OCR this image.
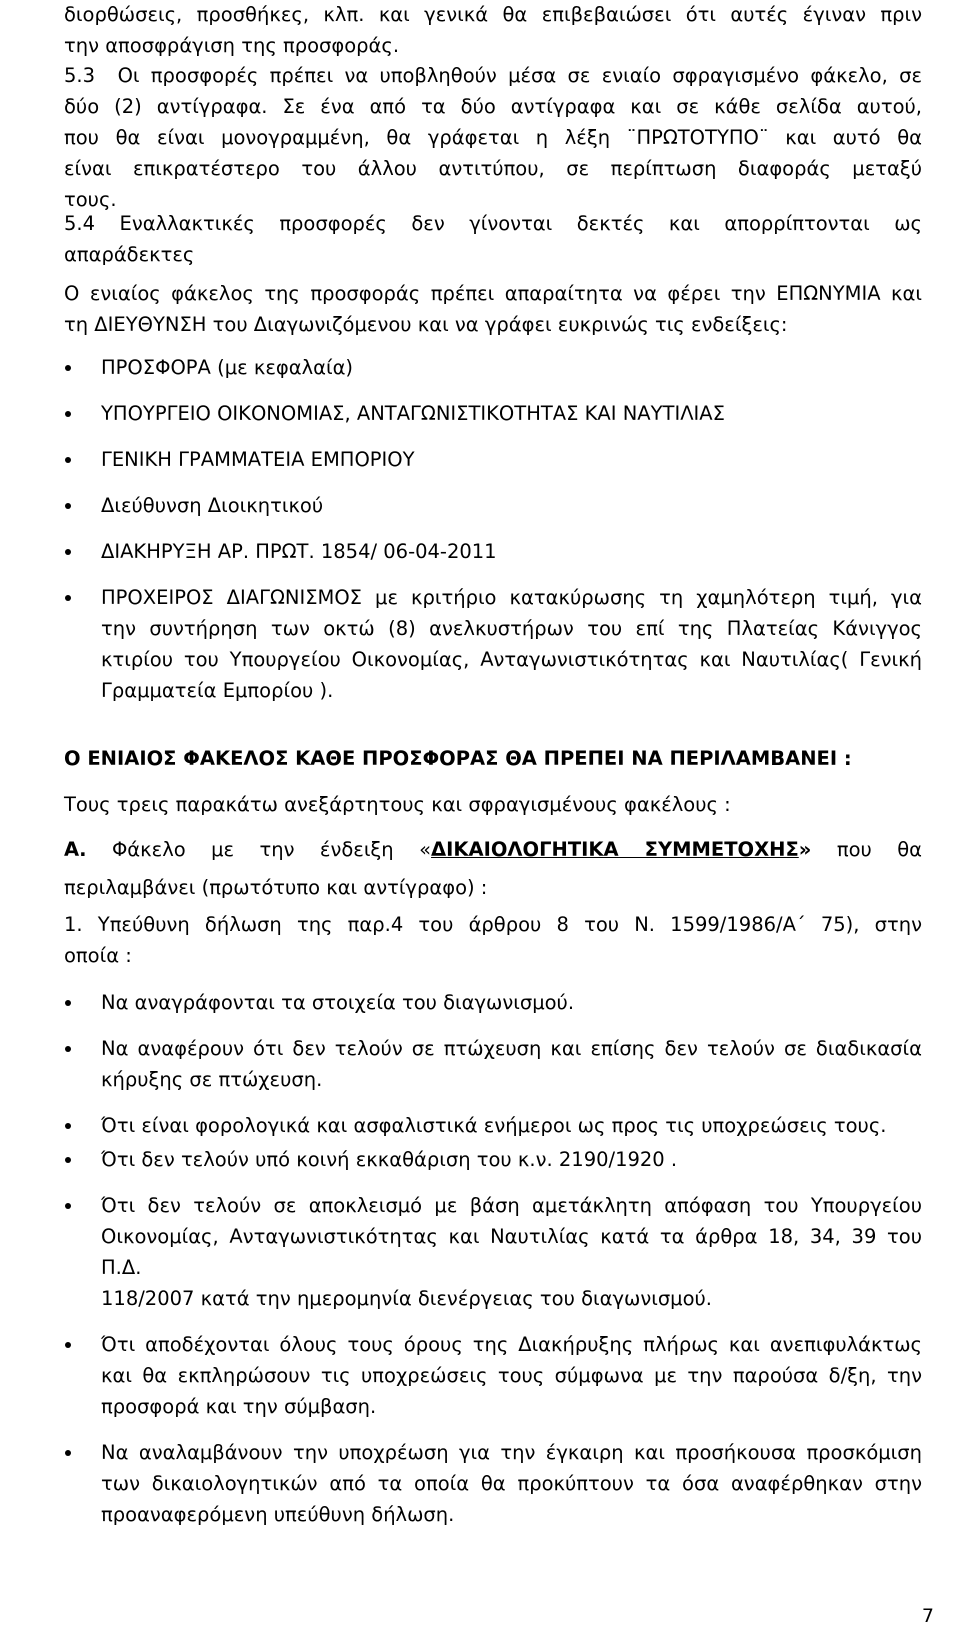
διορθώσεις, προσθήκες, κλπ. και γενικά θα επιβεβαιώσει ότι αυτές έγιναν πριν

την αποσφράγιση της προσφοράς.

5.3 Οι προσφορές πρέπει να υποβληθούν μέσα σε ενιαίο σφραγισμένο φάκελο, σε

δύο (2) αντίγραφα. Σε ένα από τα δύο αντίγραφα και σε κάθε σελίδα αυτού,

που θα είναι μονογραμμένη, θα γράφεται η λέξη ¨ΠΡΩΤΟΤΥΠΟ¨ και αυτό θα

είναι επικρατέστερο του άλλου αντιτύπου, σε περίπτωση διαφοράς μεταξύ

τους.

5.4 Εναλλακτικές προσφορές δεν γίνονται δεκτές και απορρίπτονται ως

απαράδεκτες

Ο ενιαίος φάκελος της προσφοράς πρέπει απαραίτητα να φέρει την ΕΠΩΝΥΜΙΑ και

τη ΔΙΕΥΘΥΝΣΗ του Διαγωνιζόμενου και να γράφει ευκρινώς τις ενδείξεις:

ΠΡΟΣΦΟΡΑ (με κεφαλαία)
ΥΠΟΥΡΓΕΙΟ ΟΙΚΟΝΟΜΙΑΣ, ΑΝΤΑΓΩΝΙΣΤΙΚΟΤΗΤΑΣ ΚΑΙ ΝΑΥΤΙΛΙΑΣ
ΓΕΝΙΚΗ ΓΡΑΜΜΑΤΕΙΑ ΕΜΠΟΡΙΟΥ
Διεύθυνση Διοικητικού
ΔΙΑΚΗΡΥΞΗ ΑΡ. ΠΡΩΤ. 1854/ 06-04-2011
ΠΡΟΧΕΙΡΟΣ ΔΙΑΓΩΝΙΣΜΟΣ με κριτήριο κατακύρωσης τη χαμηλότερη τιμή, για
την συντήρηση των οκτώ (8) ανελκυστήρων του επί της Πλατείας Κάνιγγος
κτιρίου του Υπουργείου Οικονομίας, Ανταγωνιστικότητας και Ναυτιλίας( Γενική
Γραμματεία Εμπορίου ).

Ο ΕΝΙΑΙΟΣ ΦΑΚΕΛΟΣ ΚΑΘΕ ΠΡΟΣΦΟΡΑΣ ΘΑ ΠΡΕΠΕΙ ΝΑ ΠΕΡΙΛΑΜΒΑΝΕΙ :

Τους τρεις παρακάτω ανεξάρτητους και σφραγισμένους φακέλους :

Α. Φάκελο με την ένδειξη «ΔΙΚΑΙΟΛΟΓΗΤΙΚΑ ΣΥΜΜΕΤΟΧΗΣ» που θα

περιλαμβάνει (πρωτότυπο και αντίγραφο) :

1. Υπεύθυνη δήλωση της παρ.4 του άρθρου 8 του Ν. 1599/1986/Α΄ 75), στην

οποία :

Να αναγράφονται τα στοιχεία του διαγωνισμού.
Να αναφέρουν ότι δεν τελούν σε πτώχευση και επίσης δεν τελούν σε διαδικασία
κήρυξης σε πτώχευση.
Ότι είναι φορολογικά και ασφαλιστικά ενήμεροι ως προς τις υποχρεώσεις τους.
Ότι δεν τελούν υπό κοινή εκκαθάριση του κ.ν. 2190/1920 .
Ότι δεν τελούν σε αποκλεισμό με βάση αμετάκλητη απόφαση του Υπουργείου
Οικονομίας, Ανταγωνιστικότητας και Ναυτιλίας κατά τα άρθρα 18, 34, 39 του Π.Δ.
118/2007 κατά την ημερομηνία διενέργειας του διαγωνισμού.
Ότι αποδέχονται όλους τους όρους της Διακήρυξης πλήρως και ανεπιφυλάκτως
και θα εκπληρώσουν τις υποχρεώσεις τους σύμφωνα με την παρούσα δ/ξη, την
προσφορά και την σύμβαση.
Να αναλαμβάνουν την υποχρέωση για την έγκαιρη και προσήκουσα προσκόμιση
των δικαιολογητικών από τα οποία θα προκύπτουν τα όσα αναφέρθηκαν στην
προαναφερόμενη υπεύθυνη δήλωση.
7
